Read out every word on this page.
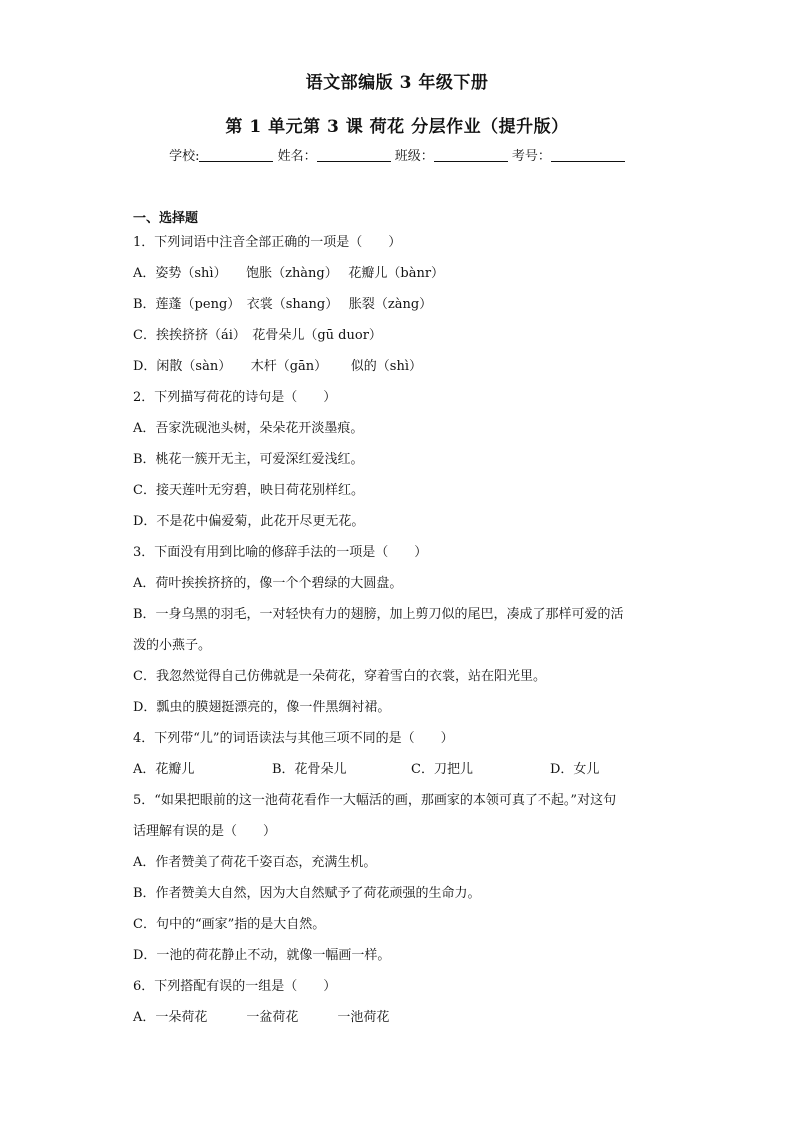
语文部编版 3 年级下册
第 1 单元第 3 课 荷花 分层作业（提升版）
学校:	姓名：	班级：	考号：
一、选择题
1．下列词语中注音全部正确的一项是（　　）
A．姿势（shì）　　饱胀（zhàng）　 花瓣儿（bànr）
B．莲蓬（peng）　衣裳（shang）　 胀裂（zàng）
C．挨挨挤挤（ái）　花骨朵儿（gū duor）
D．闲散（sàn）　　木杆（gān）　　 似的（shì）
2．下列描写荷花的诗句是（　　）
A．吾家洗砚池头树，朵朵花开淡墨痕。
B．桃花一簇开无主，可爱深红爱浅红。
C．接天莲叶无穷碧，映日荷花别样红。
D．不是花中偏爱菊，此花开尽更无花。
3．下面没有用到比喻的修辞手法的一项是（　　）
A．荷叶挨挨挤挤的，像一个个碧绿的大圆盘。
B．一身乌黑的羽毛，一对轻快有力的翅膀，加上剪刀似的尾巴，凑成了那样可爱的活
泼的小燕子。
C．我忽然觉得自己仿佛就是一朵荷花，穿着雪白的衣裳，站在阳光里。
D．瓢虫的膜翅挺漂亮的，像一件黑绸衬裙。
4．下列带“儿”的词语读法与其他三项不同的是（　　）
A．花瓣儿	B．花骨朵儿	C．刀把儿	D．女儿
5．“如果把眼前的这一池荷花看作一大幅活的画，那画家的本领可真了不起。”对这句
话理解有误的是（　　）
A．作者赞美了荷花千姿百态，充满生机。
B．作者赞美大自然，因为大自然赋予了荷花顽强的生命力。
C．句中的“画家”指的是大自然。
D．一池的荷花静止不动，就像一幅画一样。
6．下列搭配有误的一组是（　　）
A．一朵荷花　　　一盆荷花　　　一池荷花
